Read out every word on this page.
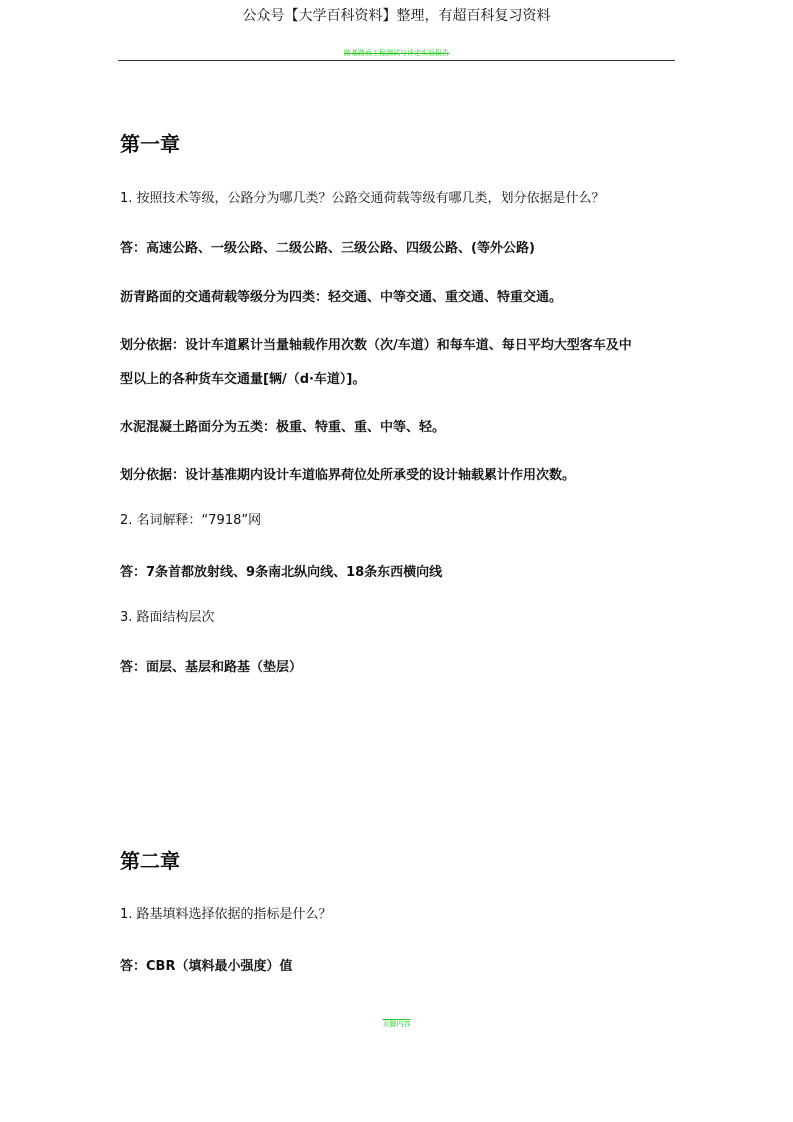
公众号【大学百科资料】整理，有超百科复习资料
路基路面工程测试与评定实验报告
第一章
1. 按照技术等级，公路分为哪几类？公路交通荷载等级有哪几类，划分依据是什么？
答：高速公路、一级公路、二级公路、三级公路、四级公路、(等外公路)
沥青路面的交通荷载等级分为四类：轻交通、中等交通、重交通、特重交通。
划分依据：设计车道累计当量轴载作用次数（次/车道）和每车道、每日平均大型客车及中
型以上的各种货车交通量[辆/（d·车道）]。
水泥混凝土路面分为五类：极重、特重、重、中等、轻。
划分依据：设计基准期内设计车道临界荷位处所承受的设计轴载累计作用次数。
2. 名词解释：“7918”网
答：7条首都放射线、9条南北纵向线、18条东西横向线
3. 路面结构层次
答：面层、基层和路基（垫层）
第二章
1. 路基填料选择依据的指标是什么？
答：CBR（填料最小强度）值
页脚内容
